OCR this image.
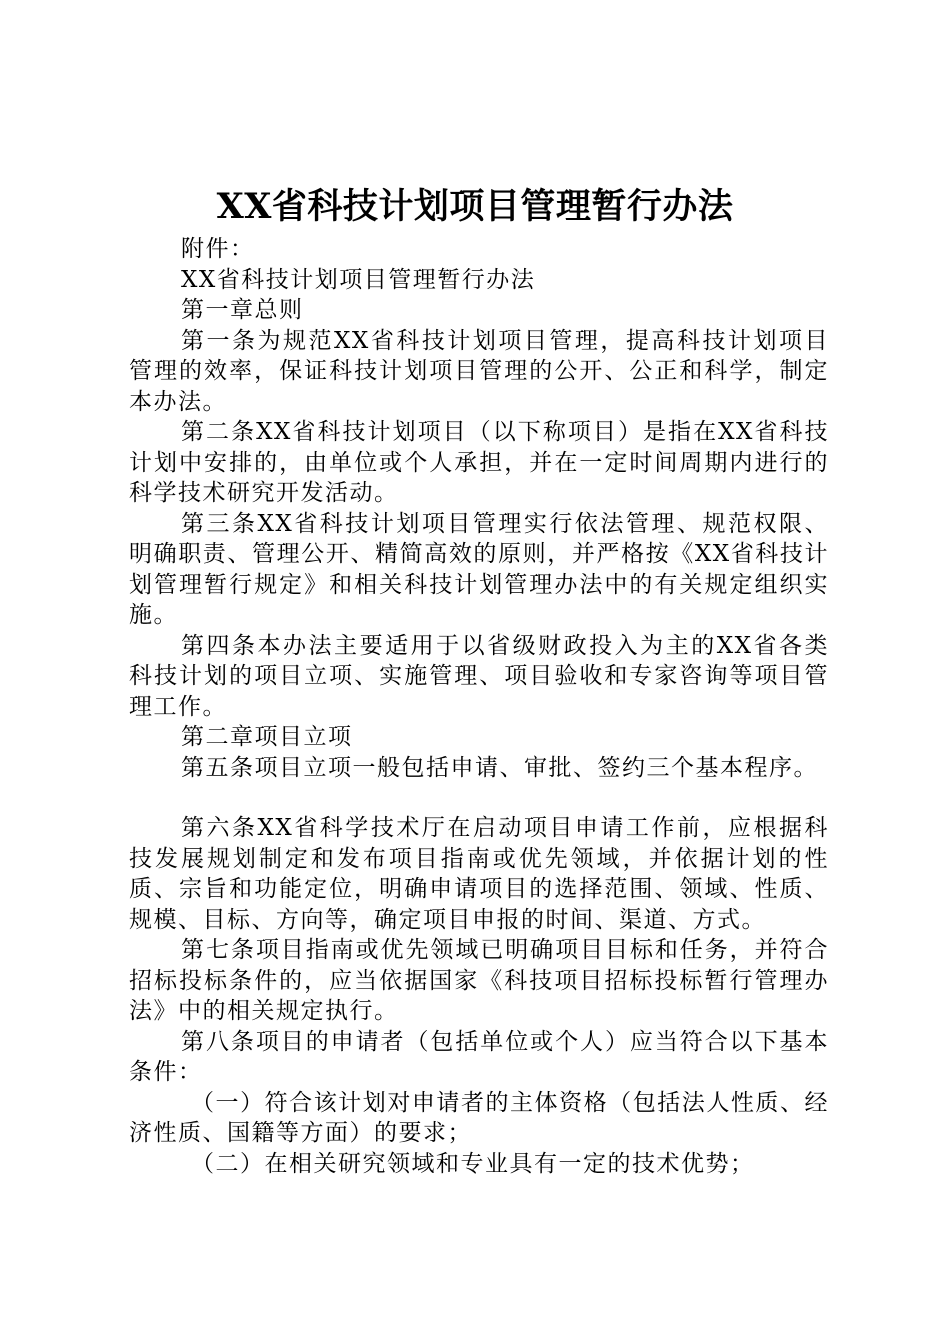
XX省科技计划项目管理暂行办法

附件：

XX省科技计划项目管理暂行办法

第一章总则

第一条为规范XX省科技计划项目管理，提高科技计划项目管理的效率，保证科技计划项目管理的公开、公正和科学，制定本办法。

第二条XX省科技计划项目（以下称项目）是指在XX省科技计划中安排的，由单位或个人承担，并在一定时间周期内进行的科学技术研究开发活动。

第三条XX省科技计划项目管理实行依法管理、规范权限、明确职责、管理公开、精简高效的原则，并严格按《XX省科技计划管理暂行规定》和相关科技计划管理办法中的有关规定组织实施。

第四条本办法主要适用于以省级财政投入为主的XX省各类科技计划的项目立项、实施管理、项目验收和专家咨询等项目管理工作。

第二章项目立项

第五条项目立项一般包括申请、审批、签约三个基本程序。

第六条XX省科学技术厅在启动项目申请工作前，应根据科技发展规划制定和发布项目指南或优先领域，并依据计划的性质、宗旨和功能定位，明确申请项目的选择范围、领域、性质、规模、目标、方向等，确定项目申报的时间、渠道、方式。

第七条项目指南或优先领域已明确项目目标和任务，并符合招标投标条件的，应当依据国家《科技项目招标投标暂行管理办法》中的相关规定执行。

第八条项目的申请者（包括单位或个人）应当符合以下基本条件：

（一）符合该计划对申请者的主体资格（包括法人性质、经济性质、国籍等方面）的要求；

（二）在相关研究领域和专业具有一定的技术优势；
